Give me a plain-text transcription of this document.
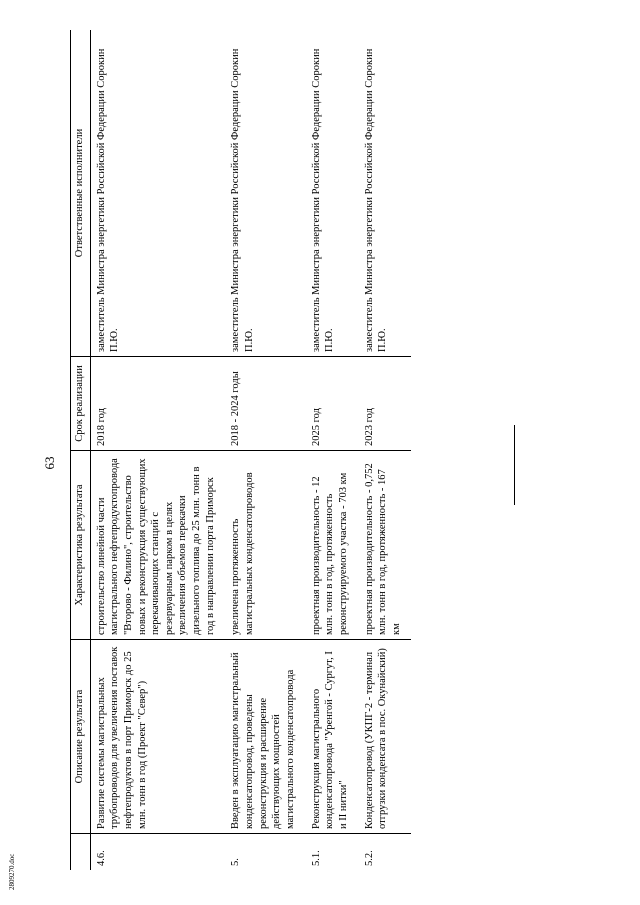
63
	Описание результата	Характеристика результата	Срок реализации	Ответственные исполнители
4.6.	Развитие системы магистральных трубопроводов для увеличения поставок нефтепродуктов в порт Приморск до 25 млн. тонн в год (Проект "Север")	строительство линейной части магистрального нефтепродуктопровода "Второво - Филино", строительство новых и реконструкция существующих перекачивающих станций с резервуарным парком в целях увеличения объемов перекачки дизельного топлива до 25 млн. тонн в год в направлении порта Приморск	2018 год	заместитель Министра энергетики Российской Федерации Сорокин П.Ю.
5.	Введен в эксплуатацию магистральный конденсатопровод, проведены реконструкция и расширение действующих мощностей магистрального конденсатопровода	увеличена протяженность магистральных конденсатопроводов	2018 - 2024 годы	заместитель Министра энергетики Российской Федерации Сорокин П.Ю.
5.1.	Реконструкция магистрального конденсатопровода "Уренгой - Сургут, I и II нитки"	проектная производительность - 12 млн. тонн в год, протяженность реконструируемого участка - 703 км	2025 год	заместитель Министра энергетики Российской Федерации Сорокин П.Ю.
5.2.	Конденсатопровод (УКПГ-2 - терминал отгрузки конденсата в пос. Окунайский)	проектная производительность - 0,752 млн. тонн в год, протяженность - 167 км	2023 год	заместитель Министра энергетики Российской Федерации Сорокин П.Ю.
2809270.doc
